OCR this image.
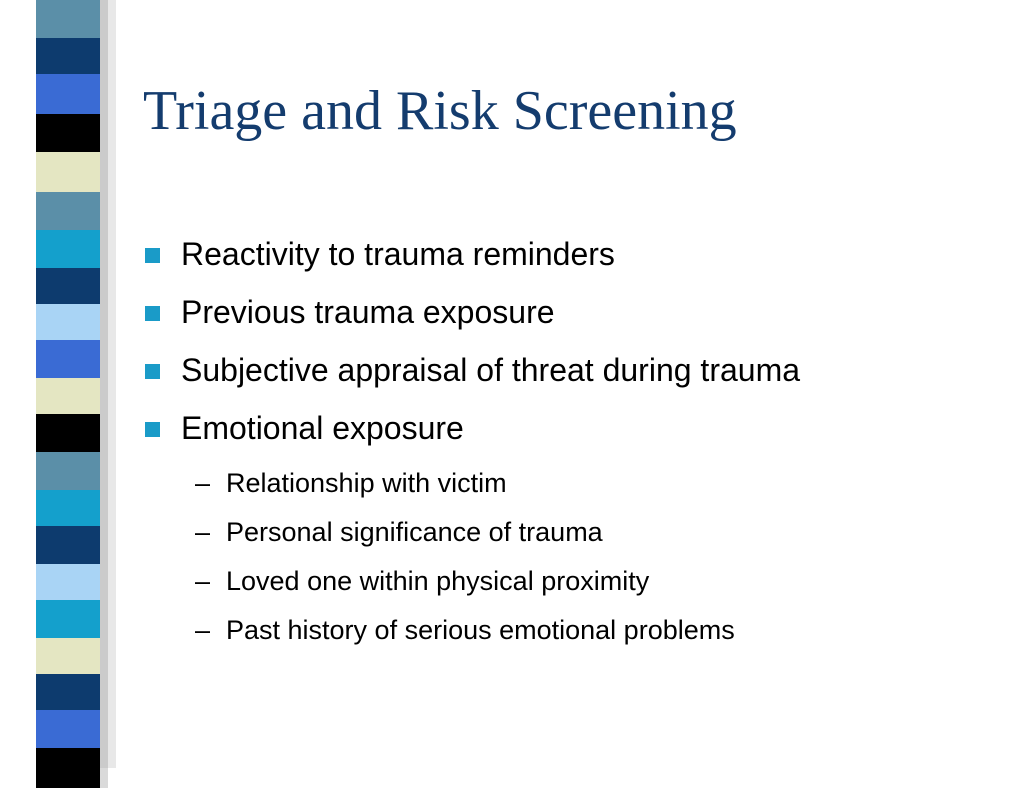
Triage and Risk Screening
Reactivity to trauma reminders
Previous trauma exposure
Subjective appraisal of threat during trauma
Emotional exposure
– Relationship with victim
– Personal significance of trauma
– Loved one within physical proximity
– Past history of serious emotional problems
